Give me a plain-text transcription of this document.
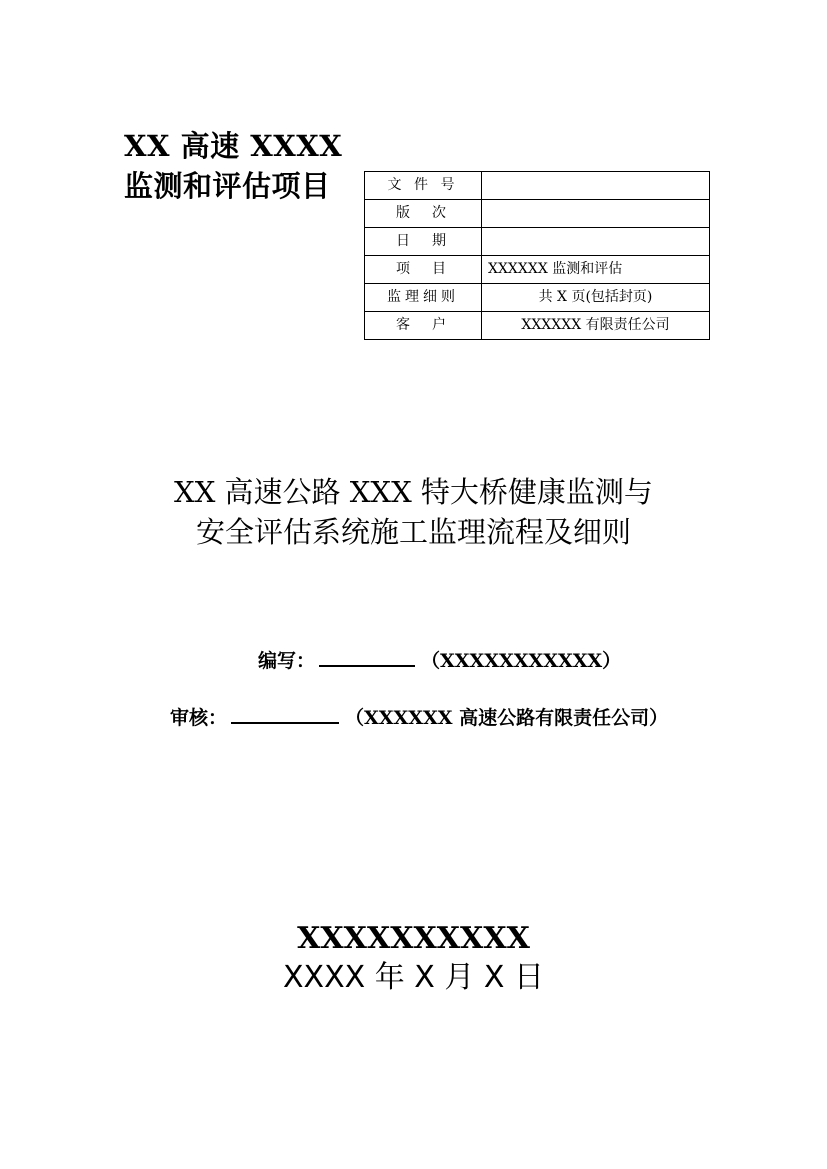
XX 高速 XXXX
监测和评估项目	文 件 号	
版　次	
日　期	
项　目	XXXXXX 监测和评估
监理细则	共 X 页(包括封页)
客　户	XXXXXX 有限责任公司
XX 高速公路 XXX 特大桥健康监测与
安全评估系统施工监理流程及细则
编写：	（XXXXXXXXXXX）
审核：	（XXXXXX 高速公路有限责任公司）
XXXXXXXXXX
XXXX 年 X 月 X 日
